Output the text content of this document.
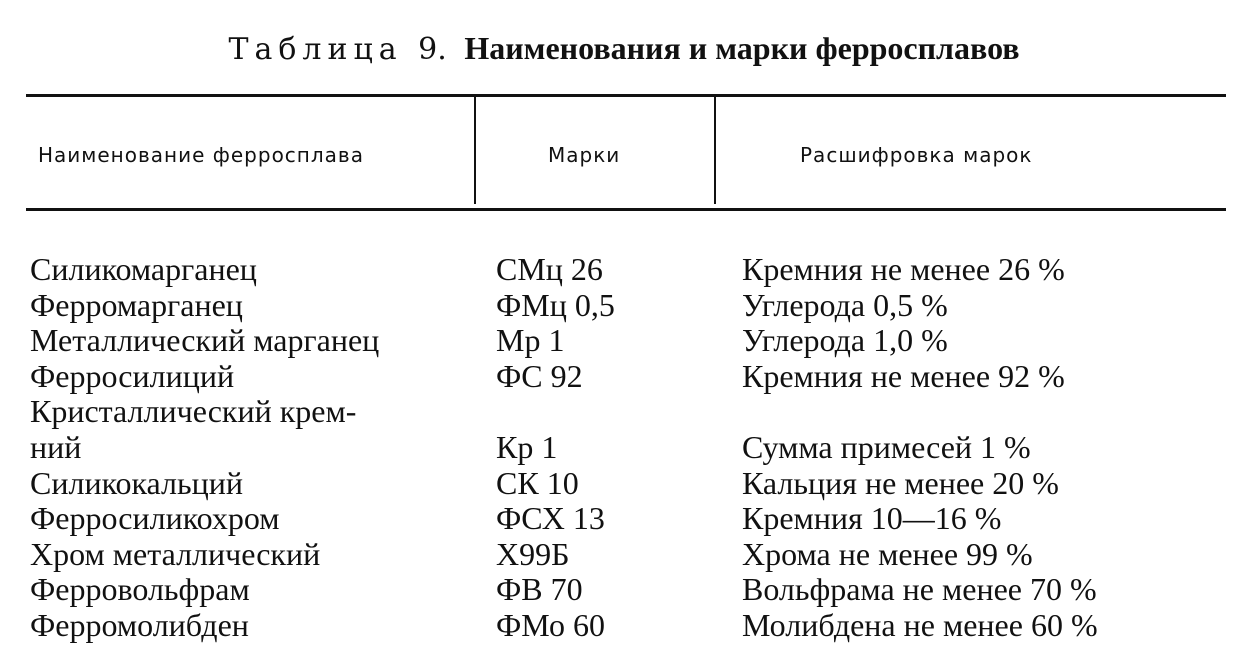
Таблица 9. Наименования и марки ферросплавов
Наименование ферросплава	Марки	Расшифровка марок
Силикомарганец	СМц 26	Кремния не менее 26 %
Ферромарганец	ФМц 0,5	Углерода 0,5 %
Металлический марганец	Мр 1	Углерода 1,0 %
Ферросилиций	ФС 92	Кремния не менее 92 %
Кристаллический крем-
ний	Кр 1	Сумма примесей 1 %
Силикокальций	СК 10	Кальция не менее 20 %
Ферросиликохром	ФСХ 13	Кремния 10—16 %
Хром металлический	Х99Б	Хрома не менее 99 %
Ферровольфрам	ФВ 70	Вольфрама не менее 70 %
Ферромолибден	ФМо 60	Молибдена не менее 60 %
